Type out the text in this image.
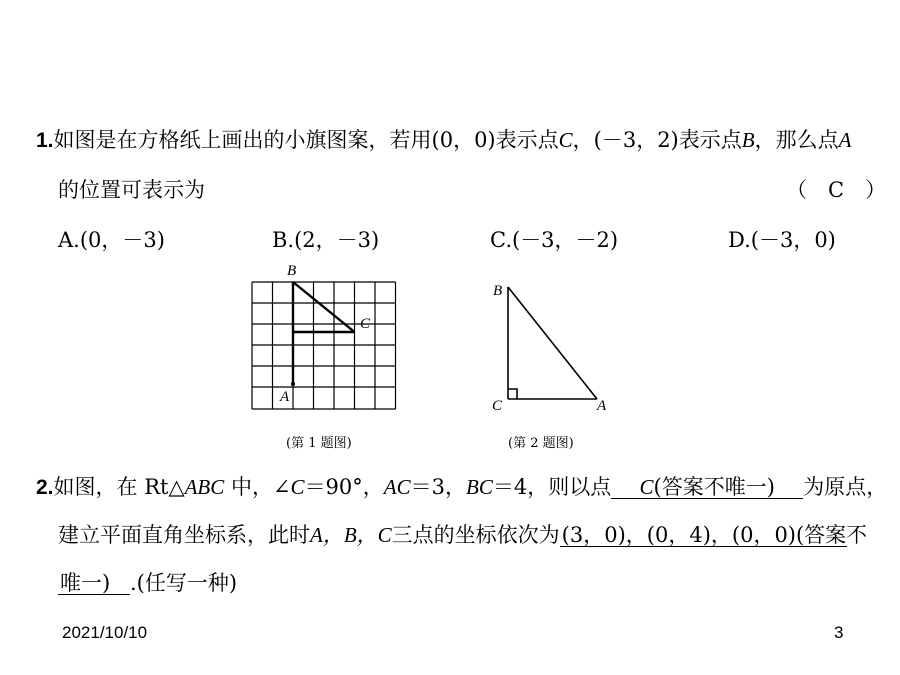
1.如图是在方格纸上画出的小旗图案，若用(0，0)表示点C，(－3，2)表示点B，那么点A
的位置可表示为	（　C　）
A.(0，－3)	B.(2，－3)	C.(－3，－2)	D.(－3，0)
B
C
A
(第 1 题图)
B
C	A
(第 2 题图)
2.如图，在 Rt△ABC 中，∠C＝90°，AC＝3，BC＝4，则以点 C(答案不唯一) 为原点，
建立平面直角坐标系，此时A，B，C三点的坐标依次为(3，0)，(0，4)，(0，0)(答案不
唯一) .(任写一种)
2021/10/10	3
